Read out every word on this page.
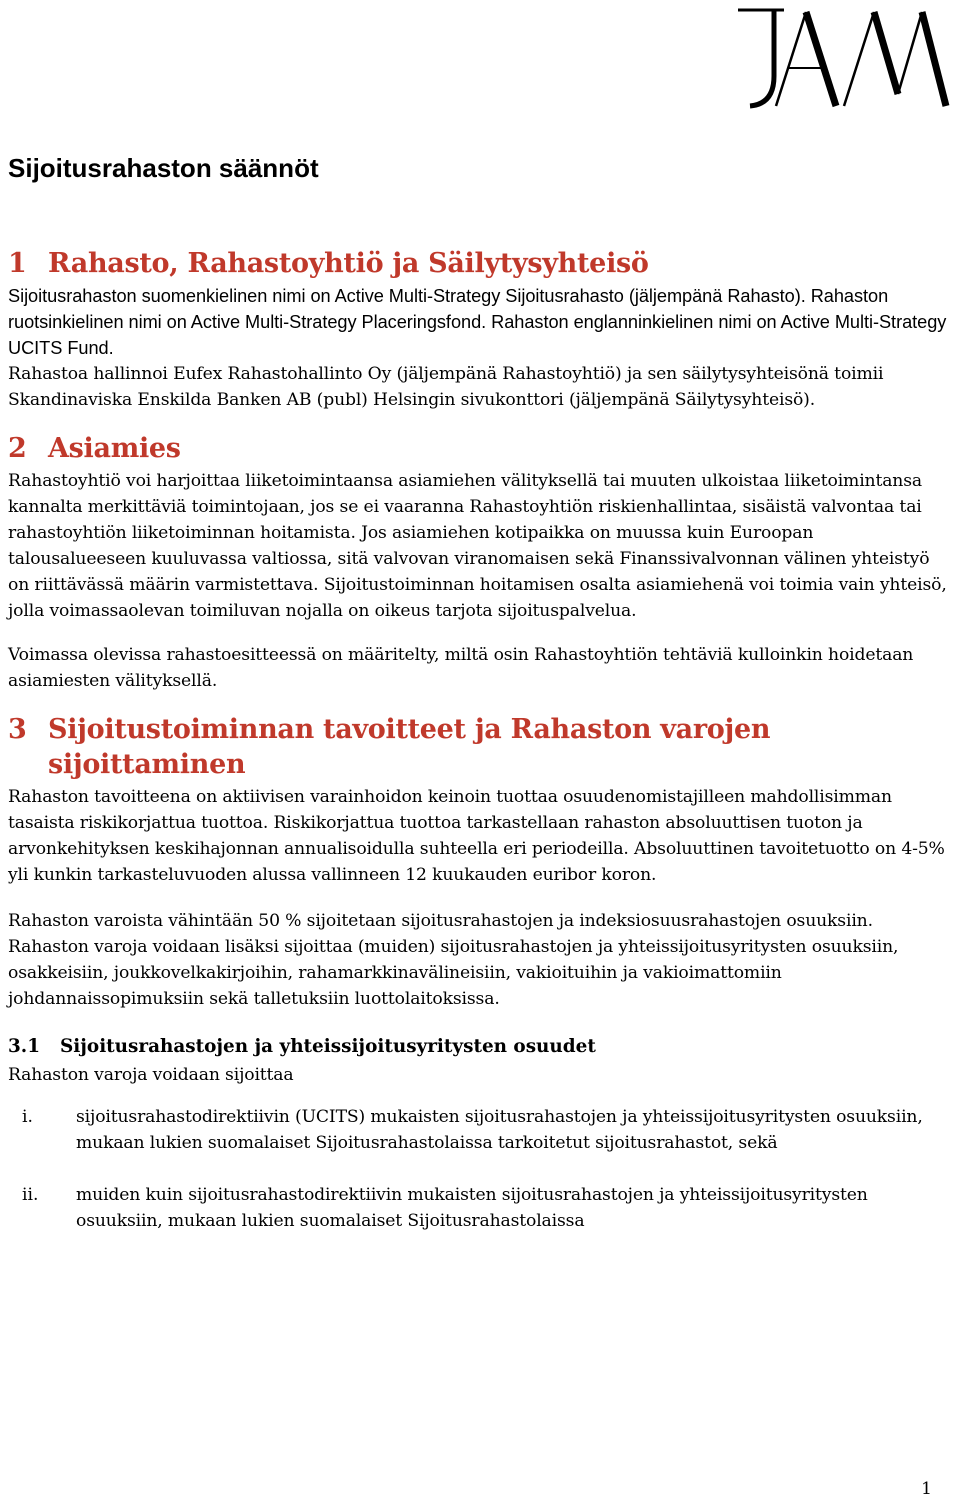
Sijoitusrahaston säännöt
1 Rahasto, Rahastoyhtiö ja Säilytysyhteisö

Sijoitusrahaston suomenkielinen nimi on Active Multi-Strategy Sijoitusrahasto (jäljempänä Rahasto). Rahaston ruotsinkielinen nimi on Active Multi-Strategy Placeringsfond. Rahaston englanninkielinen nimi on Active Multi-Strategy UCITS Fund.

Rahastoa hallinnoi Eufex Rahastohallinto Oy (jäljempänä Rahastoyhtiö) ja sen säilytysyhteisönä toimii Skandinaviska Enskilda Banken AB (publ) Helsingin sivukonttori (jäljempänä Säilytysyhteisö).

2 Asiamies

Rahastoyhtiö voi harjoittaa liiketoimintaansa asiamiehen välityksellä tai muuten ulkoistaa liiketoimintansa kannalta merkittäviä toimintojaan, jos se ei vaaranna Rahastoyhtiön riskienhallintaa, sisäistä valvontaa tai rahastoyhtiön liiketoiminnan hoitamista. Jos asiamiehen kotipaikka on muussa kuin Euroopan talousalueeseen kuuluvassa valtiossa, sitä valvovan viranomaisen sekä Finanssivalvonnan välinen yhteistyö on riittävässä määrin varmistettava. Sijoitustoiminnan hoitamisen osalta asiamiehenä voi toimia vain yhteisö, jolla voimassaolevan toimiluvan nojalla on oikeus tarjota sijoituspalvelua.

Voimassa olevissa rahastoesitteessä on määritelty, miltä osin Rahastoyhtiön tehtäviä kulloinkin hoidetaan asiamiesten välityksellä.

3 Sijoitustoiminnan tavoitteet ja Rahaston varojen sijoittaminen

Rahaston tavoitteena on aktiivisen varainhoidon keinoin tuottaa osuudenomistajilleen mahdollisimman tasaista riskikorjattua tuottoa. Riskikorjattua tuottoa tarkastellaan rahaston absoluuttisen tuoton ja arvonkehityksen keskihajonnan annualisoidulla suhteella eri periodeilla. Absoluuttinen tavoitetuotto on 4-5% yli kunkin tarkasteluvuoden alussa vallinneen 12 kuukauden euribor koron.

Rahaston varoista vähintään 50 % sijoitetaan sijoitusrahastojen ja indeksiosuusrahastojen osuuksiin. Rahaston varoja voidaan lisäksi sijoittaa (muiden) sijoitusrahastojen ja yhteissijoitusyritysten osuuksiin, osakkeisiin, joukkovelkakirjoihin, rahamarkkinavälineisiin, vakioituihin ja vakioimattomiin johdannaissopimuksiin sekä talletuksiin luottolaitoksissa.

3.1	Sijoitusrahastojen ja yhteissijoitusyritysten osuudet

Rahaston varoja voidaan sijoittaa

i.	sijoitusrahastodirektiivin (UCITS) mukaisten sijoitusrahastojen ja yhteissijoitusyritysten osuuksiin, mukaan lukien suomalaiset Sijoitusrahastolaissa tarkoitetut sijoitusrahastot, sekä
ii.	muiden kuin sijoitusrahastodirektiivin mukaisten sijoitusrahastojen ja yhteissijoitusyritysten osuuksiin, mukaan lukien suomalaiset Sijoitusrahastolaissa
1
